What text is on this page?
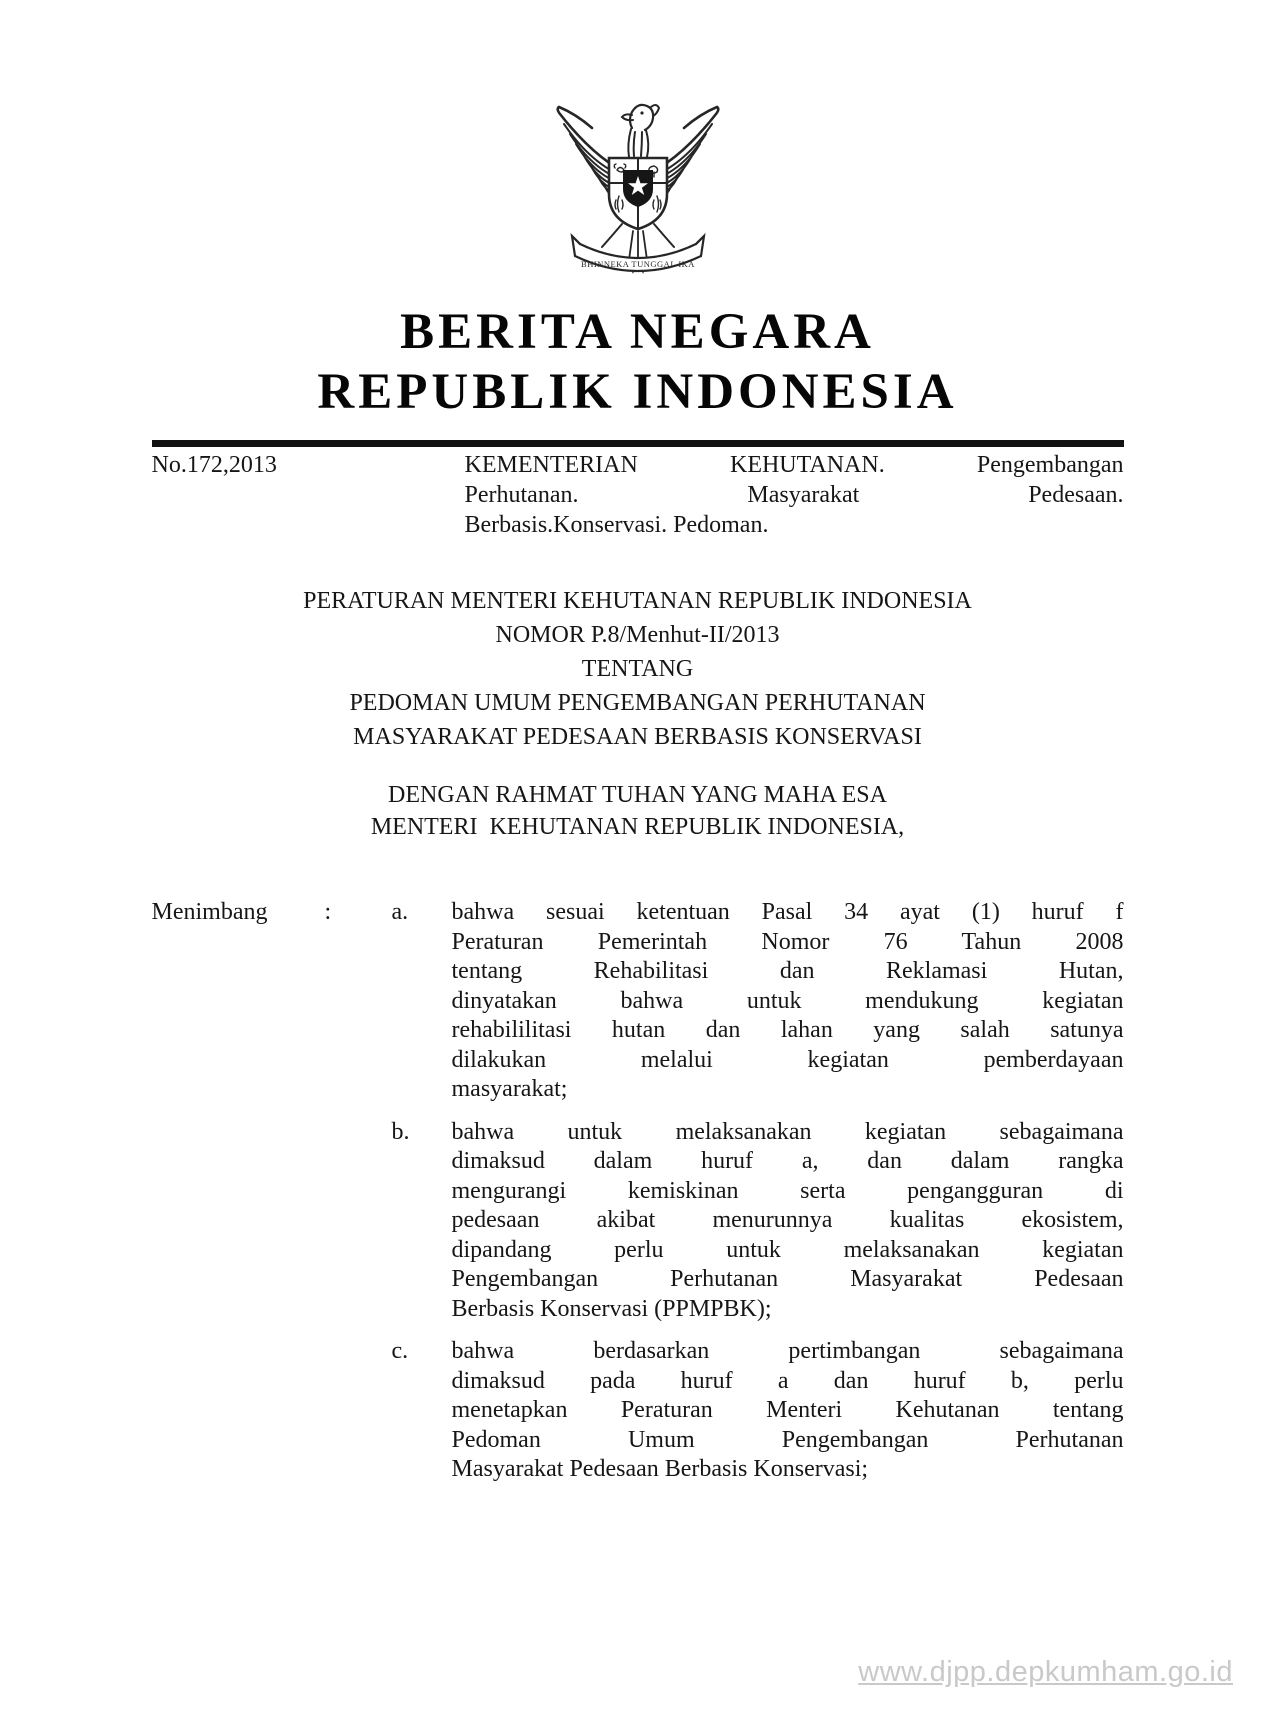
BHINNEKA TUNGGAL IKA
BERITA NEGARA
REPUBLIK INDONESIA
No.172,2013	KEMENTERIAN KEHUTANAN. Pengembangan
Perhutanan. Masyarakat Pedesaan.
Berbasis.Konservasi. Pedoman.
PERATURAN MENTERI KEHUTANAN REPUBLIK INDONESIA
NOMOR P.8/Menhut-II/2013
TENTANG
PEDOMAN UMUM PENGEMBANGAN PERHUTANAN
MASYARAKAT PEDESAAN BERBASIS KONSERVASI
DENGAN RAHMAT TUHAN YANG MAHA ESA
MENTERI  KEHUTANAN REPUBLIK INDONESIA,
Menimbang	:	a.	bahwa sesuai ketentuan Pasal 34 ayat (1) huruf f
Peraturan Pemerintah Nomor 76 Tahun 2008
tentang Rehabilitasi dan Reklamasi Hutan,
dinyatakan bahwa untuk mendukung kegiatan
rehabililitasi hutan dan lahan yang salah satunya
dilakukan melalui kegiatan pemberdayaan
masyarakat;
b.	bahwa untuk melaksanakan kegiatan sebagaimana
dimaksud dalam huruf a, dan dalam rangka
mengurangi kemiskinan serta pengangguran di
pedesaan akibat menurunnya kualitas ekosistem,
dipandang perlu untuk melaksanakan kegiatan
Pengembangan Perhutanan Masyarakat Pedesaan
Berbasis Konservasi (PPMPBK);
c.	bahwa berdasarkan pertimbangan sebagaimana
dimaksud pada huruf a dan huruf b, perlu
menetapkan Peraturan Menteri Kehutanan tentang
Pedoman Umum Pengembangan Perhutanan
Masyarakat Pedesaan Berbasis Konservasi;
www.djpp.depkumham.go.id
